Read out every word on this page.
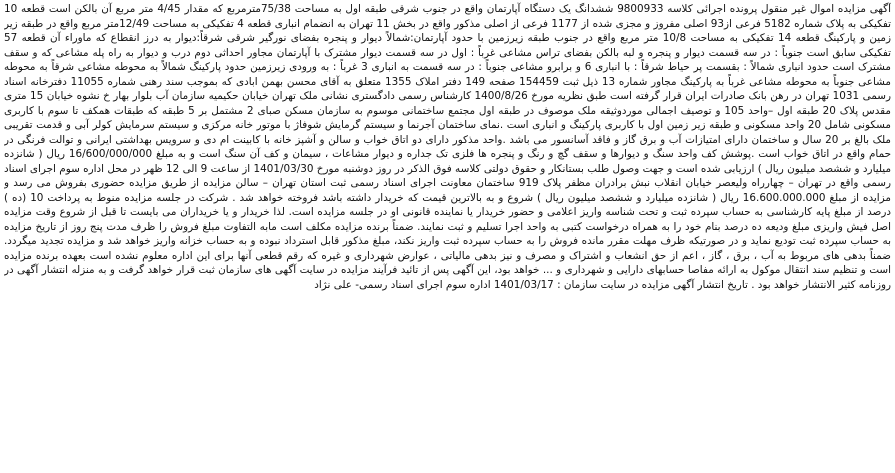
آگهی مزایده اموال غیر منقول پرونده اجرائی کلاسه 9800933 ششدانگ یک دستگاه آپارتمان واقع در جنوب شرقی طبقه اول به مساحت 75/38مترمربع که مقدار 4/45 متر مربع آن بالکن است قطعه 10 تفکیکی به پلاک شماره 5182 فرعی از93 اصلی مفروز و مجزی شده از 1177 فرعی از اصلی مذکور واقع در بخش 11 تهران به انضمام انباری قطعه 4 تفکیکی به مساحت 12/49متر مربع واقع در طبقه زیر زمین و پارکینگ قطعه 14 تفکیکی به مساحت 10/8 متر مربع واقع در جنوب طبقه زیرزمین با حدود آپارتمان:شمالاً دیوار و پنجره بفضای نورگیر شرقی شرقاً:دیوار به درز انقطاع که ماوراء آن قطعه 57 تفکیکی سابق است جنوباً : در سه قسمت دیوار و پنجره و لبه بالکن بفضای تراس مشاعی غرباً : اول در سه قسمت دیوار مشترک با آپارتمان مجاور احداثی دوم درب و دیوار به راه پله مشاعی که و سقف مشترک است حدود انباری شمالاً : بقسمت پر حیاط شرقاً : با انباری 6 و برابرو مشاعی جنوباً : در سه قسمت به انباری 3 غرباً : به ورودی زیرزمین حدود پارکینگ شمالاً به محوطه مشاعی شرقاً به محوطه مشاعی جنوباً به محوطه مشاعی غرباً به پارکینگ مجاور شماره 13 ذیل ثبت 154459 صفحه 149 دفتر املاک 1355 متعلق به آقای محسن بهمن ابادی که بموجب سند رهنی شماره 11055 دفترخانه اسناد رسمی 1031 تهران در رهن بانک صادرات ایران قرار گرفته است طبق نظریه مورخ 1400/8/26 کارشناس رسمی دادگستری نشانی ملک تهران خیابان حکیمیه سازمان آب بلوار بهار خ نشوه خیابان 15 متری مقدس پلاک 20 طبقه اول –واحد 105 و توصیف اجمالی موردوثیقه ملک موصوف در طبقه اول مجتمع ساختمانی موسوم به سازمان مسکن صبای 2 مشتمل بر 5 طبقه که طبقات همکف تا سوم با کاربری مسکونی شامل 20 واحد مسکونی و طبقه زیر زمین اول با کاربری پارکینگ و انباری است .نمای ساختمان آجرنما و سیستم گرمایش شوفاژ با موتور خانه مرکزی و سیستم سرمایش کولر آبی و قدمت تقریبی ملک بالغ بر 20 سال و ساختمان دارای امتیازات آب و برق گاز و فاقد آسانسور می باشد .واحد مذکور دارای دو اتاق خواب و سالن و آشپز خانه با کابینت ام دی و سرویس بهداشتی ایرانی و توالت فرنگی در حمام واقع در اتاق خواب است .پوشش کف واحد سنگ و دیوارها و سقف گچ و رنگ و پنجره ها فلزی تک جداره و دیوار مشاعات ، سیمان و کف آن سنگ است و به مبلغ 16/600/000/000 ریال ( شانزده میلیارد و ششصد میلیون ریال ) ارزیابی شده است و جهت وصول طلب بستانکار و حقوق دولتی کلاسه فوق الذکر در روز دوشنبه مورخ 1401/03/30 از ساعت 9 الی 12 ظهر در محل اداره سوم اجرای اسناد رسمی واقع در تهران – چهارراه ولیعصر خیابان انقلاب نبش برادران مظفر پلاک 919 ساختمان معاونت اجرای اسناد رسمی ثبت استان تهران – سالن مزایده از طریق مزایده حضوری بفروش می رسد و مزایده از مبلغ 16.600.000.000 ریال ( شانزده میلیارد و ششصد میلیون ریال ) شروع و به بالاترین قیمت که خریدار داشته باشد فروخته خواهد شد . شرکت در جلسه مزایده منوط به پرداخت 10 (ده ) درصد از مبلغ پایه کارشناسی به حساب سپرده ثبت و تحت شناسه واریز اعلامی و حضور خریدار یا نماینده قانونی او در جلسه مزایده است. لذا خریدار و یا خریداران می بایست تا قبل از شروع وقت مزایده اصل فیش واریزی مبلغ ودیعه ده درصد بنام خود را به همراه درخواست کتبی به واحد اجرا تسلیم و ثبت نمایند. ضمناً برنده مزایده مکلف است مابه التفاوت مبلغ فروش را ظرف مدت پنج روز از تاریخ مزایده به حساب سپرده ثبت تودیع نماید و در صورتیکه ظرف مهلت مقرر مانده فروش را به حساب سپرده ثبت واریز نکند، مبلغ مذکور قابل استرداد نبوده و به حساب خزانه واریز خواهد شد و مزایده تجدید میگردد. ضمناً بدهی های مربوط به آب ، برق ، گاز ، اعم از حق انشعاب و اشتراک و مصرف و نیز بدهی مالیاتی ، عوارض شهرداری و غیره که رقم قطعی آنها برای این اداره معلوم نشده است بعهده برنده مزایده است و تنظیم سند انتقال موکول به ارائه مفاصا حسابهای دارایی و شهرداری و ... خواهد بود، این آگهی پس از تائید فرآیند مزایده در سایت آگهی های سازمان ثبت قرار خواهد گرفت و به منزله انتشار آگهی در روزنامه کثیر الانتشار خواهد بود . تاریخ انتشار آگهی مزایده در سایت سازمان : 1401/03/17 اداره سوم اجرای اسناد رسمی- علی نژاد
